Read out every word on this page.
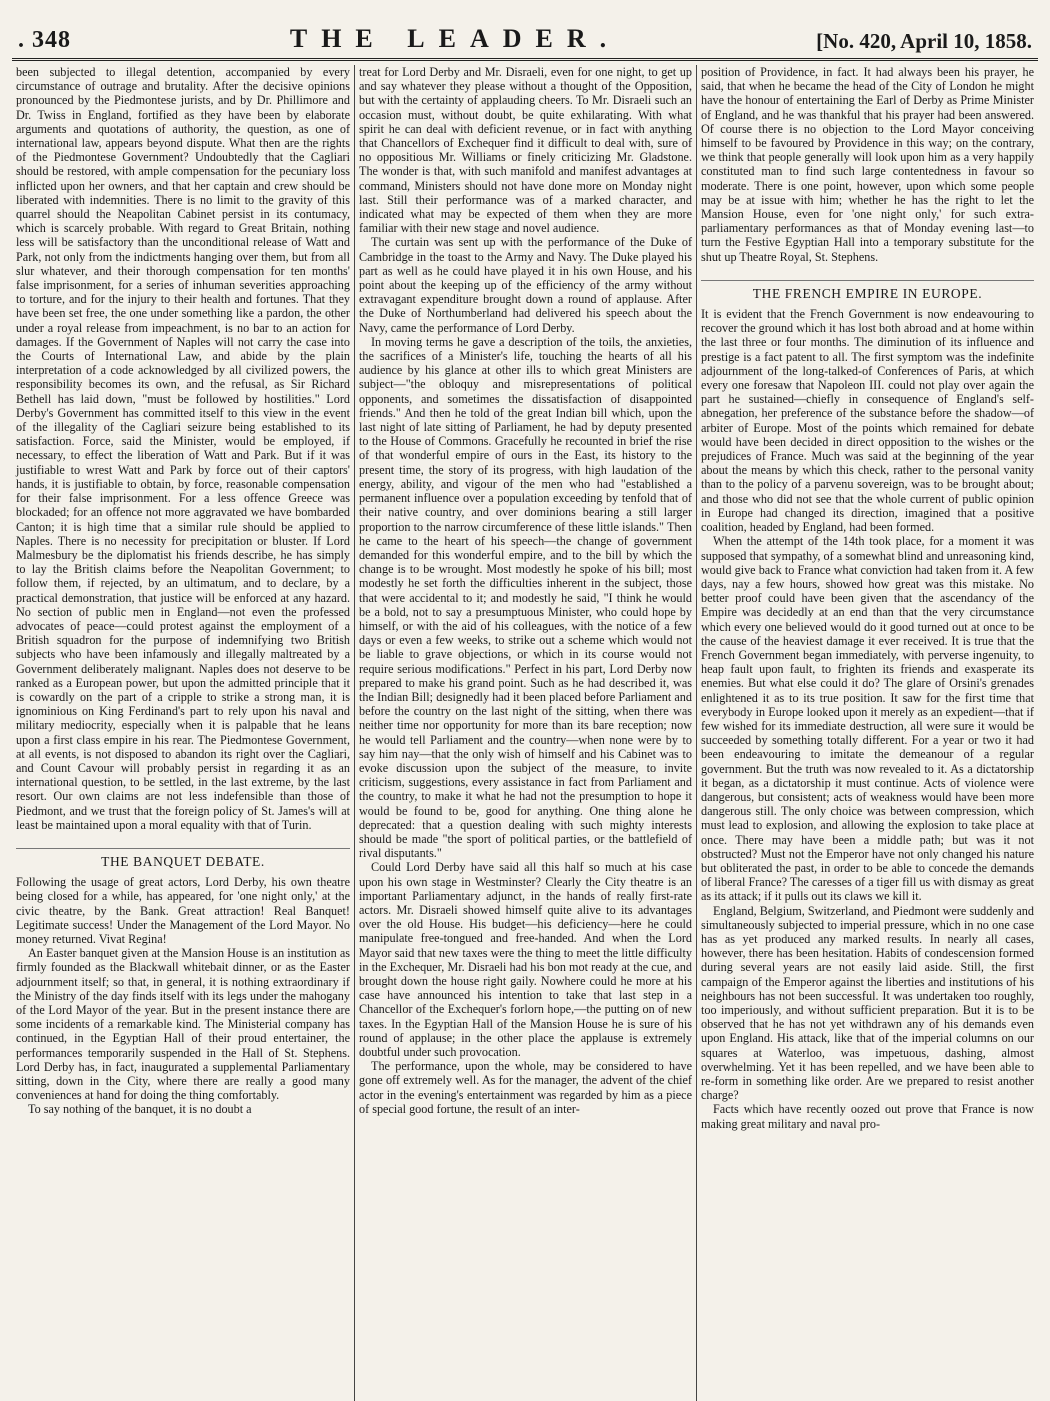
. 348	THE LEADER.	[No. 420, April 10, 1858.

been subjected to illegal detention, accompanied by every circumstance of outrage and brutality. After the decisive opinions pronounced by the Piedmontese jurists, and by Dr. Phillimore and Dr. Twiss in England, fortified as they have been by elaborate arguments and quotations of authority, the question, as one of international law, appears beyond dispute. What then are the rights of the Piedmontese Government? Undoubtedly that the Cagliari should be restored, with ample compensation for the pecuniary loss inflicted upon her owners, and that her captain and crew should be liberated with indemnities. There is no limit to the gravity of this quarrel should the Neapolitan Cabinet persist in its contumacy, which is scarcely probable. With regard to Great Britain, nothing less will be satisfactory than the unconditional release of Watt and Park, not only from the indictments hanging over them, but from all slur whatever, and their thorough compensation for ten months' false imprisonment, for a series of inhuman severities approaching to torture, and for the injury to their health and fortunes. That they have been set free, the one under something like a pardon, the other under a royal release from impeachment, is no bar to an action for damages. If the Government of Naples will not carry the case into the Courts of International Law, and abide by the plain interpretation of a code acknowledged by all civilized powers, the responsibility becomes its own, and the refusal, as Sir Richard Bethell has laid down, "must be followed by hostilities." Lord Derby's Government has committed itself to this view in the event of the illegality of the Cagliari seizure being established to its satisfaction. Force, said the Minister, would be employed, if necessary, to effect the liberation of Watt and Park. But if it was justifiable to wrest Watt and Park by force out of their captors' hands, it is justifiable to obtain, by force, reasonable compensation for their false imprisonment. For a less offence Greece was blockaded; for an offence not more aggravated we have bombarded Canton; it is high time that a similar rule should be applied to Naples. There is no necessity for precipitation or bluster. If Lord Malmesbury be the diplomatist his friends describe, he has simply to lay the British claims before the Neapolitan Government; to follow them, if rejected, by an ultimatum, and to declare, by a practical demonstration, that justice will be enforced at any hazard. No section of public men in England—not even the professed advocates of peace—could protest against the employment of a British squadron for the purpose of indemnifying two British subjects who have been infamously and illegally maltreated by a Government deliberately malignant. Naples does not deserve to be ranked as a European power, but upon the admitted principle that it is cowardly on the part of a cripple to strike a strong man, it is ignominious on King Ferdinand's part to rely upon his naval and military mediocrity, especially when it is palpable that he leans upon a first class empire in his rear. The Piedmontese Government, at all events, is not disposed to abandon its right over the Cagliari, and Count Cavour will probably persist in regarding it as an international question, to be settled, in the last extreme, by the last resort. Our own claims are not less indefensible than those of Piedmont, and we trust that the foreign policy of St. James's will at least be maintained upon a moral equality with that of Turin.

THE BANQUET DEBATE.

Following the usage of great actors, Lord Derby, his own theatre being closed for a while, has appeared, for 'one night only,' at the civic theatre, by the Bank. Great attraction! Real Banquet! Legitimate success! Under the Management of the Lord Mayor. No money returned. Vivat Regina!

An Easter banquet given at the Mansion House is an institution as firmly founded as the Blackwall whitebait dinner, or as the Easter adjournment itself; so that, in general, it is nothing extraordinary if the Ministry of the day finds itself with its legs under the mahogany of the Lord Mayor of the year. But in the present instance there are some incidents of a remarkable kind. The Ministerial company has continued, in the Egyptian Hall of their proud entertainer, the performances temporarily suspended in the Hall of St. Stephens. Lord Derby has, in fact, inaugurated a supplemental Parliamentary sitting, down in the City, where there are really a good many conveniences at hand for doing the thing comfortably.

To say nothing of the banquet, it is no doubt a

treat for Lord Derby and Mr. Disraeli, even for one night, to get up and say whatever they please without a thought of the Opposition, but with the certainty of applauding cheers. To Mr. Disraeli such an occasion must, without doubt, be quite exhilarating. With what spirit he can deal with deficient revenue, or in fact with anything that Chancellors of Exchequer find it difficult to deal with, sure of no oppositious Mr. Williams or finely criticizing Mr. Gladstone. The wonder is that, with such manifold and manifest advantages at command, Ministers should not have done more on Monday night last. Still their performance was of a marked character, and indicated what may be expected of them when they are more familiar with their new stage and novel audience.

The curtain was sent up with the performance of the Duke of Cambridge in the toast to the Army and Navy. The Duke played his part as well as he could have played it in his own House, and his point about the keeping up of the efficiency of the army without extravagant expenditure brought down a round of applause. After the Duke of Northumberland had delivered his speech about the Navy, came the performance of Lord Derby.

In moving terms he gave a description of the toils, the anxieties, the sacrifices of a Minister's life, touching the hearts of all his audience by his glance at other ills to which great Ministers are subject—"the obloquy and misrepresentations of political opponents, and sometimes the dissatisfaction of disappointed friends." And then he told of the great Indian bill which, upon the last night of late sitting of Parliament, he had by deputy presented to the House of Commons. Gracefully he recounted in brief the rise of that wonderful empire of ours in the East, its history to the present time, the story of its progress, with high laudation of the energy, ability, and vigour of the men who had "established a permanent influence over a population exceeding by tenfold that of their native country, and over dominions bearing a still larger proportion to the narrow circumference of these little islands." Then he came to the heart of his speech—the change of government demanded for this wonderful empire, and to the bill by which the change is to be wrought. Most modestly he spoke of his bill; most modestly he set forth the difficulties inherent in the subject, those that were accidental to it; and modestly he said, "I think he would be a bold, not to say a presumptuous Minister, who could hope by himself, or with the aid of his colleagues, with the notice of a few days or even a few weeks, to strike out a scheme which would not be liable to grave objections, or which in its course would not require serious modifications." Perfect in his part, Lord Derby now prepared to make his grand point. Such as he had described it, was the Indian Bill; designedly had it been placed before Parliament and before the country on the last night of the sitting, when there was neither time nor opportunity for more than its bare reception; now he would tell Parliament and the country—when none were by to say him nay—that the only wish of himself and his Cabinet was to evoke discussion upon the subject of the measure, to invite criticism, suggestions, every assistance in fact from Parliament and the country, to make it what he had not the presumption to hope it would be found to be, good for anything. One thing alone he deprecated: that a question dealing with such mighty interests should be made "the sport of political parties, or the battlefield of rival disputants."

Could Lord Derby have said all this half so much at his case upon his own stage in Westminster? Clearly the City theatre is an important Parliamentary adjunct, in the hands of really first-rate actors. Mr. Disraeli showed himself quite alive to its advantages over the old House. His budget—his deficiency—here he could manipulate free-tongued and free-handed. And when the Lord Mayor said that new taxes were the thing to meet the little difficulty in the Exchequer, Mr. Disraeli had his bon mot ready at the cue, and brought down the house right gaily. Nowhere could he more at his case have announced his intention to take that last step in a Chancellor of the Exchequer's forlorn hope,—the putting on of new taxes. In the Egyptian Hall of the Mansion House he is sure of his round of applause; in the other place the applause is extremely doubtful under such provocation.

The performance, upon the whole, may be considered to have gone off extremely well. As for the manager, the advent of the chief actor in the evening's entertainment was regarded by him as a piece of special good fortune, the result of an inter-

position of Providence, in fact. It had always been his prayer, he said, that when he became the head of the City of London he might have the honour of entertaining the Earl of Derby as Prime Minister of England, and he was thankful that his prayer had been answered. Of course there is no objection to the Lord Mayor conceiving himself to be favoured by Providence in this way; on the contrary, we think that people generally will look upon him as a very happily constituted man to find such large contentedness in favour so moderate. There is one point, however, upon which some people may be at issue with him; whether he has the right to let the Mansion House, even for 'one night only,' for such extra-parliamentary performances as that of Monday evening last—to turn the Festive Egyptian Hall into a temporary substitute for the shut up Theatre Royal, St. Stephens.

THE FRENCH EMPIRE IN EUROPE.

It is evident that the French Government is now endeavouring to recover the ground which it has lost both abroad and at home within the last three or four months. The diminution of its influence and prestige is a fact patent to all. The first symptom was the indefinite adjournment of the long-talked-of Conferences of Paris, at which every one foresaw that Napoleon III. could not play over again the part he sustained—chiefly in consequence of England's self-abnegation, her preference of the substance before the shadow—of arbiter of Europe. Most of the points which remained for debate would have been decided in direct opposition to the wishes or the prejudices of France. Much was said at the beginning of the year about the means by which this check, rather to the personal vanity than to the policy of a parvenu sovereign, was to be brought about; and those who did not see that the whole current of public opinion in Europe had changed its direction, imagined that a positive coalition, headed by England, had been formed.

When the attempt of the 14th took place, for a moment it was supposed that sympathy, of a somewhat blind and unreasoning kind, would give back to France what conviction had taken from it. A few days, nay a few hours, showed how great was this mistake. No better proof could have been given that the ascendancy of the Empire was decidedly at an end than that the very circumstance which every one believed would do it good turned out at once to be the cause of the heaviest damage it ever received. It is true that the French Government began immediately, with perverse ingenuity, to heap fault upon fault, to frighten its friends and exasperate its enemies. But what else could it do? The glare of Orsini's grenades enlightened it as to its true position. It saw for the first time that everybody in Europe looked upon it merely as an expedient—that if few wished for its immediate destruction, all were sure it would be succeeded by something totally different. For a year or two it had been endeavouring to imitate the demeanour of a regular government. But the truth was now revealed to it. As a dictatorship it began, as a dictatorship it must continue. Acts of violence were dangerous, but consistent; acts of weakness would have been more dangerous still. The only choice was between compression, which must lead to explosion, and allowing the explosion to take place at once. There may have been a middle path; but was it not obstructed? Must not the Emperor have not only changed his nature but obliterated the past, in order to be able to concede the demands of liberal France? The caresses of a tiger fill us with dismay as great as its attack; if it pulls out its claws we kill it.

England, Belgium, Switzerland, and Piedmont were suddenly and simultaneously subjected to imperial pressure, which in no one case has as yet produced any marked results. In nearly all cases, however, there has been hesitation. Habits of condescension formed during several years are not easily laid aside. Still, the first campaign of the Emperor against the liberties and institutions of his neighbours has not been successful. It was undertaken too roughly, too imperiously, and without sufficient preparation. But it is to be observed that he has not yet withdrawn any of his demands even upon England. His attack, like that of the imperial columns on our squares at Waterloo, was impetuous, dashing, almost overwhelming. Yet it has been repelled, and we have been able to re-form in something like order. Are we prepared to resist another charge?

Facts which have recently oozed out prove that France is now making great military and naval pro-
